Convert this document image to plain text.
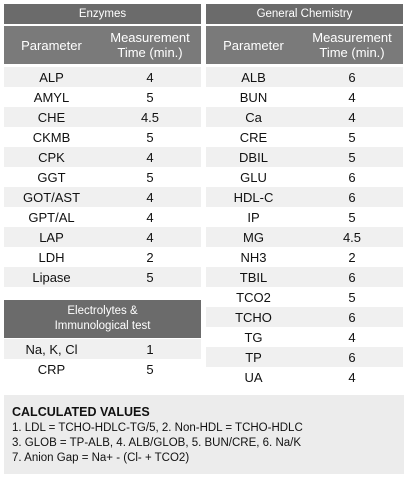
Enzymes
Parameter	Measurement Time (min.)
ALP	4
AMYL	5
CHE	4.5
CKMB	5
CPK	4
GGT	5
GOT/AST	4
GPT/AL	4
LAP	4
LDH	2
Lipase	5
Electrolytes &
Immunological test
Na, K, Cl	1
CRP	5
General Chemistry
Parameter	Measurement Time (min.)
ALB	6
BUN	4
Ca	4
CRE	5
DBIL	5
GLU	6
HDL-C	6
IP	5
MG	4.5
NH3	2
TBIL	6
TCO2	5
TCHO	6
TG	4
TP	6
UA	4
CALCULATED VALUES
1. LDL = TCHO-HDLC-TG/5, 2. Non-HDL = TCHO-HDLC
3. GLOB = TP-ALB, 4. ALB/GLOB, 5. BUN/CRE, 6. Na/K
7. Anion Gap = Na+ - (Cl- + TCO2)
